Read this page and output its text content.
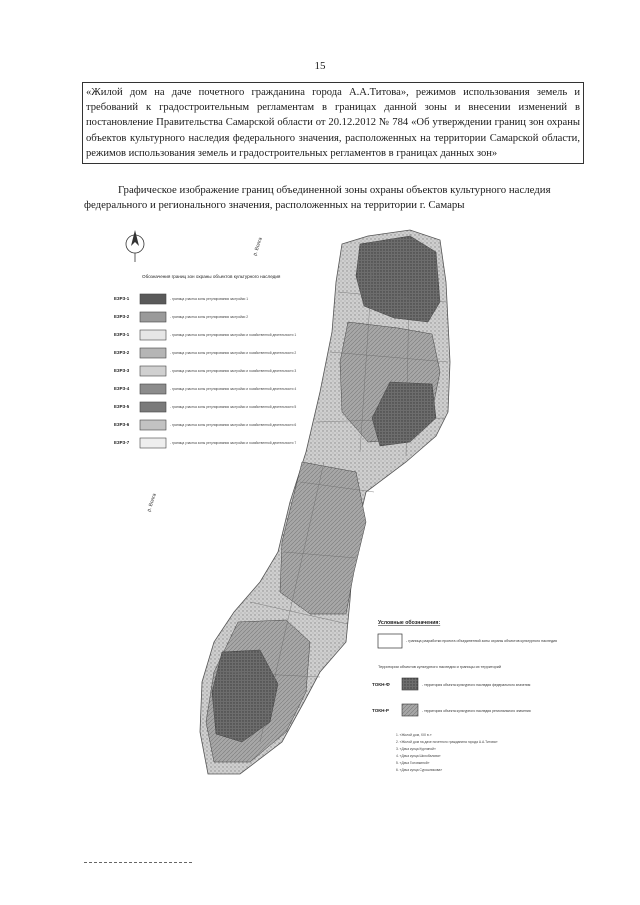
15
«Жилой дом на даче почетного гражданина города А.А.Титова», режимов использования земель и требований к градостроительным регламентам в границах данной зоны и внесении изменений в постановление Правительства Самарской области от 20.12.2012 № 784 «Об утверждении границ зон охраны объектов культурного наследия федерального значения, расположенных на территории Самарской области, режимов использования земель и градостроительных регламентов в границах данных зон»
Графическое изображение границ объединенной зоны охраны объектов культурного наследия федерального и регионального значения, расположенных на территории г. Самары
р. Волга
р. Волга
Обозначения границ зон охраны объектов культурного наследия
ЕЗРЗ-1	- граница участка зоны регулирования застройки 1
ЕЗРЗ-2	- граница участка зоны регулирования застройки 2
ЕЗРЗ-1	- граница участка зоны регулирования застройки и хозяйственной деятельности 1
ЕЗРЗ-2	- граница участка зоны регулирования застройки и хозяйственной деятельности 2
ЕЗРЗ-3	- граница участка зоны регулирования застройки и хозяйственной деятельности 3
ЕЗРЗ-4	- граница участка зоны регулирования застройки и хозяйственной деятельности 4
ЕЗРЗ-5	- граница участка зоны регулирования застройки и хозяйственной деятельности 5
ЕЗРЗ-6	- граница участка зоны регулирования застройки и хозяйственной деятельности 6
ЕЗРЗ-7	- граница участка зоны регулирования застройки и хозяйственной деятельности 7
Условные обозначения:
- граница разработки проекта объединенной зоны охраны объектов культурного наследия
Территории объектов культурного наследия и границы их территорий
ТОКН-Ф	- территория объекта культурного наследия федерального значения
ТОКН-Р	- территория объекта культурного наследия регионального значения
1. «Жилой дом, XIX в.»
2. «Жилой дом на даче почетного гражданина города А.А.Титова»
3. «Дача купца Курлиной»
4. «Дача купца Шихобалова»
5. «Дача Головкиной»
6. «Дача купца Сурошникова»
